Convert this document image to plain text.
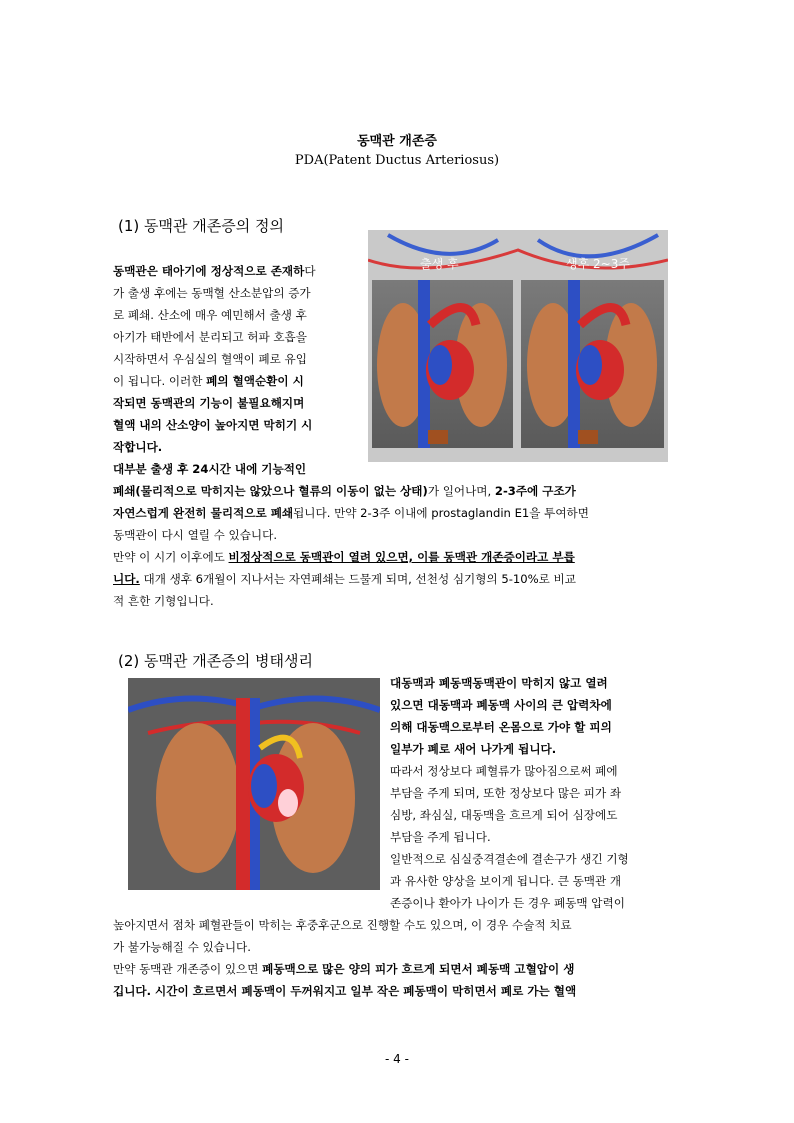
동맥관 개존증
PDA(Patent Ductus Arteriosus)
(1) 동맥관 개존증의 정의
출생 후	생후 2~3주
동맥관은 태아기에 정상적으로 존재하다
가 출생 후에는 동맥혈 산소분압의 증가
로 폐쇄. 산소에 매우 예민해서 출생 후
아기가 태반에서 분리되고 허파 호흡을
시작하면서 우심실의 혈액이 폐로 유입
이 됩니다. 이러한 폐의 혈액순환이 시
작되면 동맥관의 기능이 불필요해지며
혈액 내의 산소양이 높아지면 막히기 시
작합니다.
대부분 출생 후 24시간 내에 기능적인
폐쇄(물리적으로 막히지는 않았으나 혈류의 이동이 없는 상태)가 일어나며, 2-3주에 구조가
자연스럽게 완전히 물리적으로 폐쇄됩니다. 만약 2-3주 이내에 prostaglandin E1을 투여하면
동맥관이 다시 열릴 수 있습니다.
만약 이 시기 이후에도 비정상적으로 동맥관이 열려 있으면, 이를 동맥관 개존증이라고 부릅
니다. 대개 생후 6개월이 지나서는 자연폐쇄는 드물게 되며, 선천성 심기형의 5-10%로 비교
적 흔한 기형입니다.
(2) 동맥관 개존증의 병태생리
대동맥과 폐동맥동맥관이 막히지 않고 열려
있으면 대동맥과 폐동맥 사이의 큰 압력차에
의해 대동맥으로부터 온몸으로 가야 할 피의
일부가 폐로 새어 나가게 됩니다.
따라서 정상보다 폐혈류가 많아짐으로써 폐에
부담을 주게 되며, 또한 정상보다 많은 피가 좌
심방, 좌심실, 대동맥을 흐르게 되어 심장에도
부담을 주게 됩니다.
일반적으로 심실중격결손에 결손구가 생긴 기형
과 유사한 양상을 보이게 됩니다. 큰 동맥관 개
존증이나 환아가 나이가 든 경우 폐동맥 압력이
높아지면서 점차 폐혈관들이 막히는 후중후군으로 진행할 수도 있으며, 이 경우 수술적 치료
가 불가능해질 수 있습니다.
만약 동맥관 개존증이 있으면 폐동맥으로 많은 양의 피가 흐르게 되면서 폐동맥 고혈압이 생
깁니다. 시간이 흐르면서 폐동맥이 두꺼워지고 일부 작은 폐동맥이 막히면서 폐로 가는 혈액
- 4 -
